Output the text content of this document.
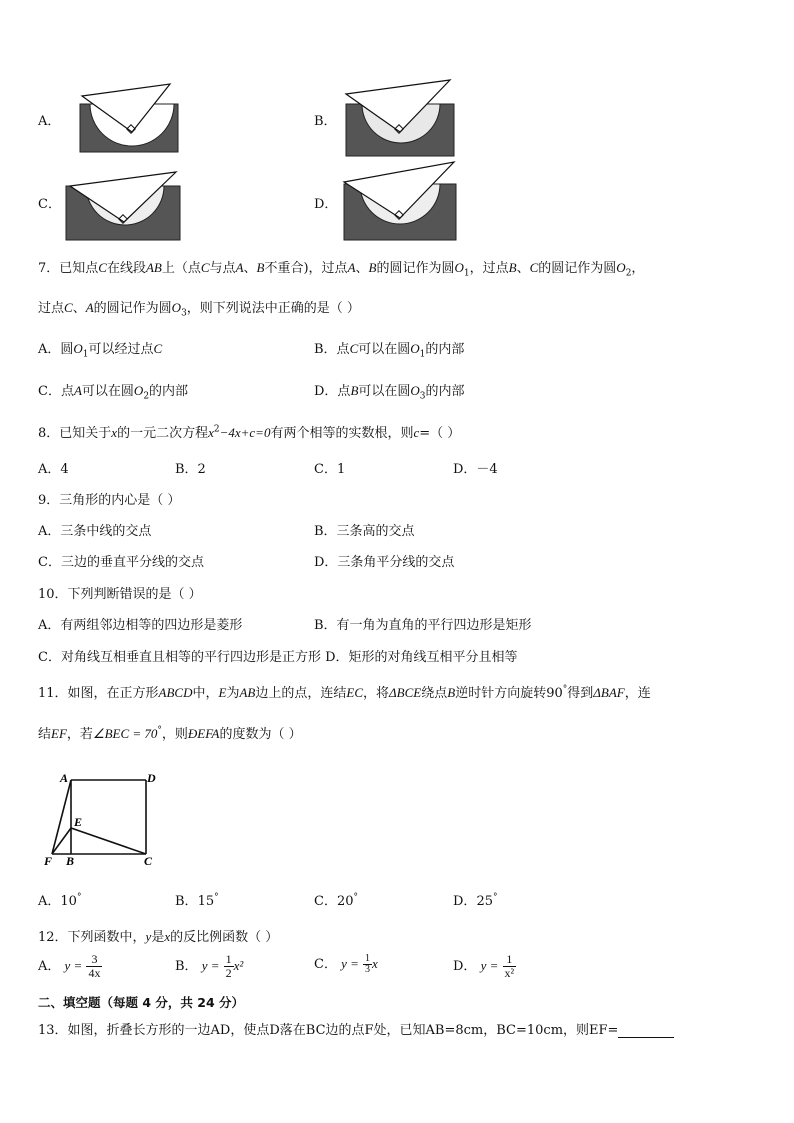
A．	B．
C．	D．
7．已知点C在线段AB上（点C与点A、B不重合)，过点A、B的圆记作为圆$O_1$，过点B、C的圆记作为圆$O_2$，
过点C、A的圆记作为圆$O_3$，则下列说法中正确的是（ ）
A．圆$O_1$可以经过点C	B．点C可以在圆$O_1$的内部
C．点A可以在圆$O_2$的内部	D．点B可以在圆$O_3$的内部
8．已知关于x的一元二次方程$x^2-4x+c=0$有两个相等的实数根，则c=（ ）
A．4	B．2	C．1	D．－4
9．三角形的内心是（ ）
A．三条中线的交点	B．三条高的交点
C．三边的垂直平分线的交点	D．三条角平分线的交点
10．下列判断错误的是（ ）
A．有两组邻边相等的四边形是菱形	B．有一角为直角的平行四边形是矩形
C．对角线互相垂直且相等的平行四边形是正方形 D．矩形的对角线互相平分且相等
11．如图，在正方形ABCD中，E为AB边上的点，连结EC，将ΔBCE绕点B逆时针方向旋转90°得到ΔBAF，连
结EF，若∠BEC = 70°，则ÐEFA的度数为（ ）
A	D
E
F B	C
A．10°	B．15°	C．20°	D．25°
12．下列函数中，y是x的反比例函数（ ）
A． $y = \frac{3}{4x}$	B． $y = \frac{1}{2} x^2$	C． $y = \frac{1}{3}$ x	D． $y = \frac{1}{\text{x²}}$
二、填空题（每题 4 分，共 24 分）
13．如图，折叠长方形的一边AD，使点D落在BC边的点F处，已知AB=8cm，BC=10cm，则EF=
